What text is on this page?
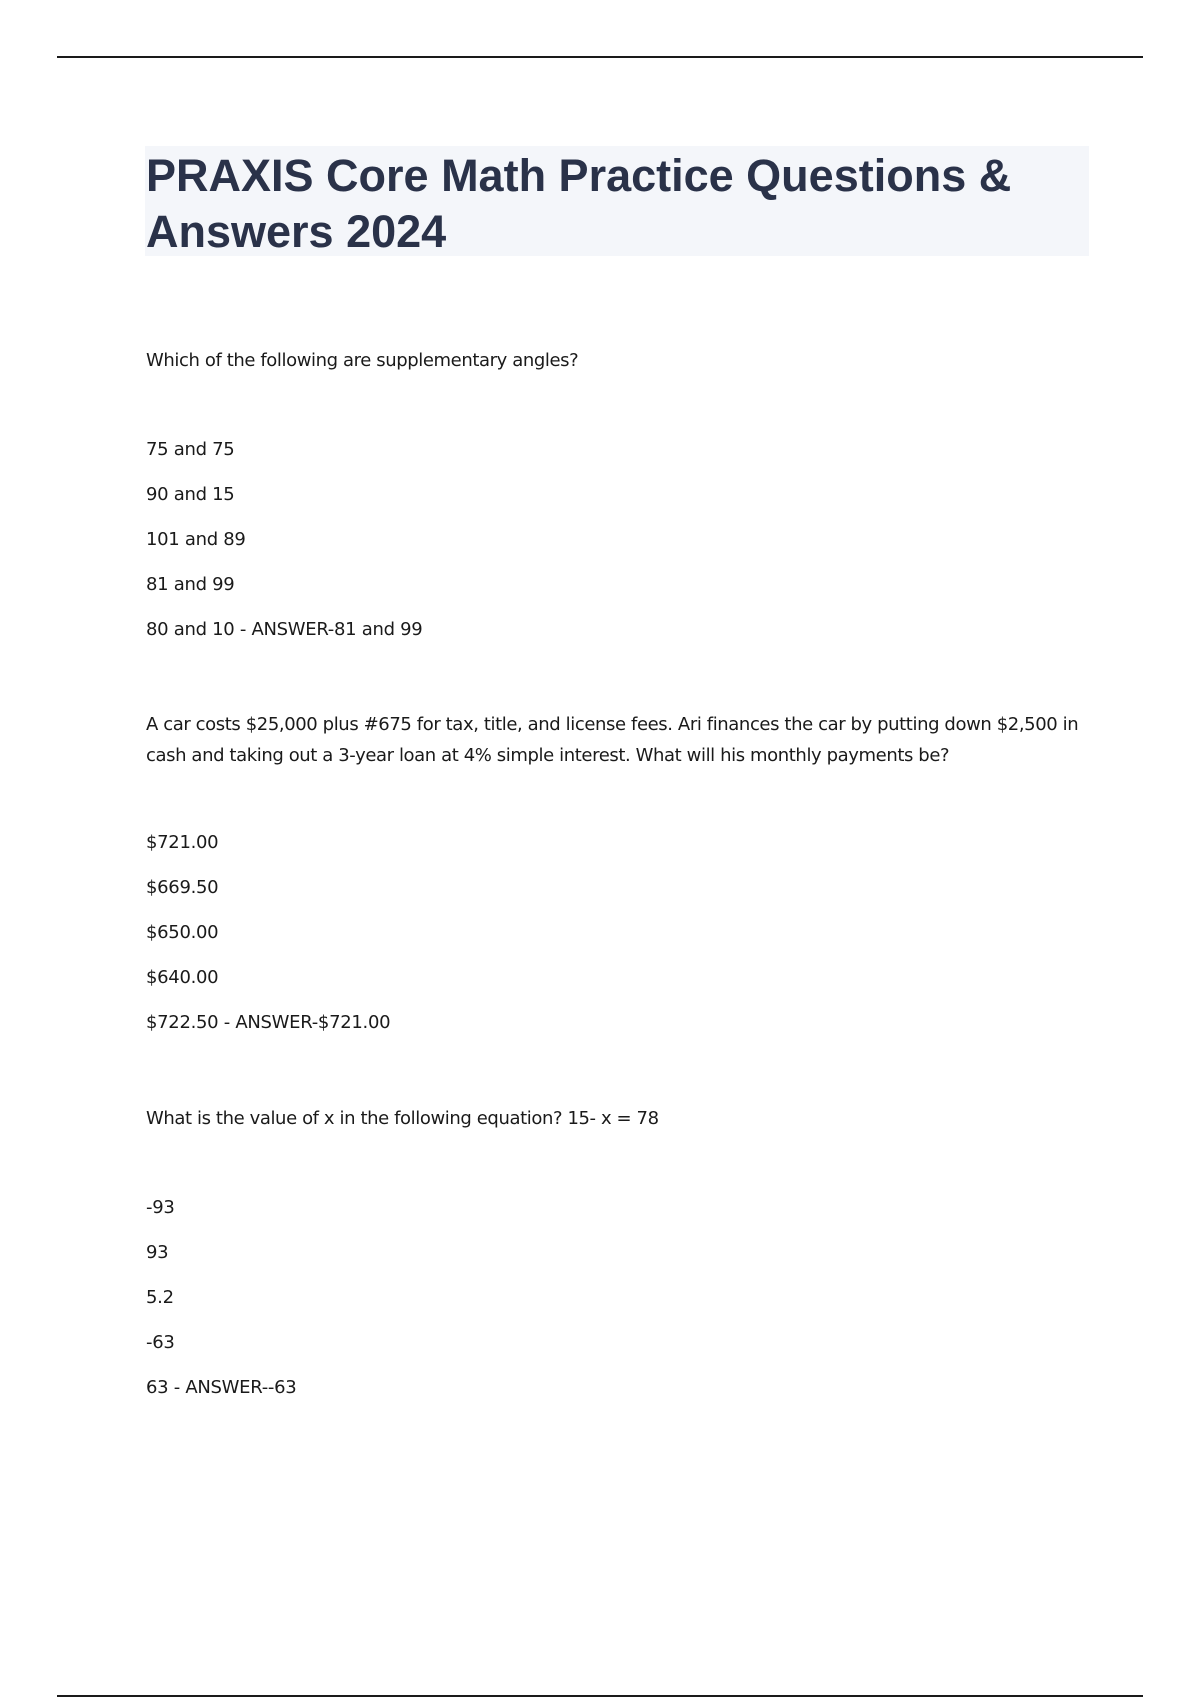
PRAXIS Core Math Practice Questions & Answers 2024

Which of the following are supplementary angles?

75 and 75
90 and 15
101 and 89
81 and 99
80 and 10 - ANSWER-81 and 99

A car costs $25,000 plus #675 for tax, title, and license fees. Ari finances the car by putting down $2,500 in cash and taking out a 3-year loan at 4% simple interest. What will his monthly payments be?

$721.00
$669.50
$650.00
$640.00
$722.50 - ANSWER-$721.00

What is the value of x in the following equation? 15- x = 78

-93
93
5.2
-63
63 - ANSWER--63
